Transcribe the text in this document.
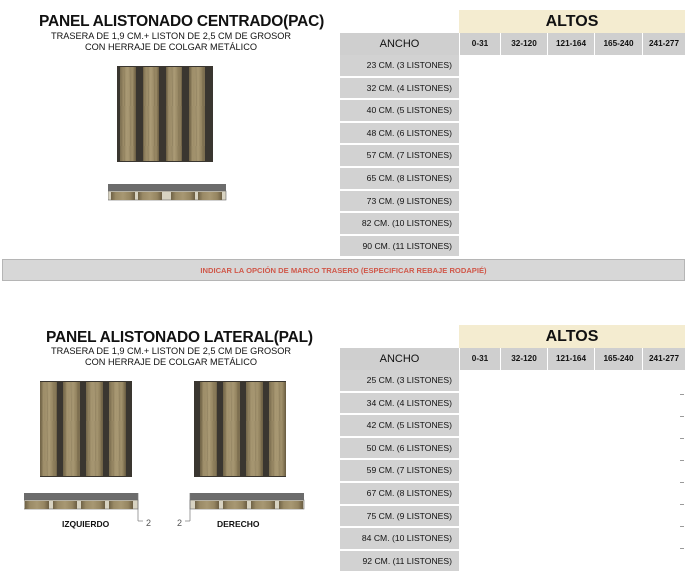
PANEL ALISTONADO CENTRADO(PAC)
TRASERA DE 1,9 CM.+ LISTON DE 2,5 CM DE GROSOR
CON HERRAJE DE COLGAR METÁLICO
ALTOS
ANCHO	0-31	32-120	121-164	165-240	241-277
23 CM. (3 LISTONES)
32 CM. (4 LISTONES)
40 CM. (5 LISTONES)
48 CM. (6 LISTONES)
57 CM. (7 LISTONES)
65 CM. (8 LISTONES)
73 CM. (9 LISTONES)
82 CM. (10 LISTONES)
90 CM. (11 LISTONES)
INDICAR LA OPCIÓN DE MARCO TRASERO (ESPECIFICAR REBAJE RODAPIÉ)
PANEL ALISTONADO LATERAL(PAL)
TRASERA DE 1,9 CM.+ LISTON DE 2,5 CM DE GROSOR
CON HERRAJE DE COLGAR METÁLICO
IZQUIERDO	2	2	DERECHO
ALTOS
ANCHO	0-31	32-120	121-164	165-240	241-277
25 CM. (3 LISTONES)
34 CM. (4 LISTONES)
42 CM. (5 LISTONES)
50 CM. (6 LISTONES)
59 CM. (7 LISTONES)
67 CM. (8 LISTONES)
75 CM. (9 LISTONES)
84 CM. (10 LISTONES)
92 CM. (11 LISTONES)
